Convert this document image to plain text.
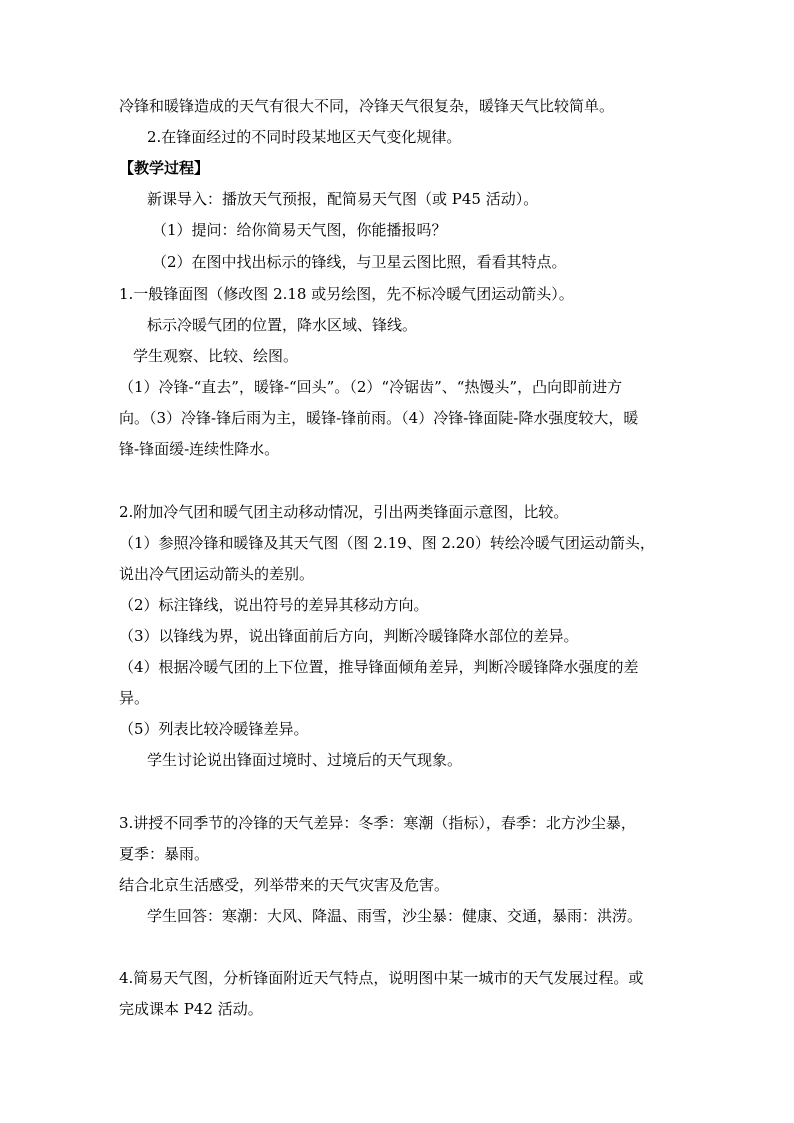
冷锋和暖锋造成的天气有很大不同，冷锋天气很复杂，暖锋天气比较简单。
2.在锋面经过的不同时段某地区天气变化规律。
【教学过程】
新课导入：播放天气预报，配简易天气图（或 P45 活动）。
（1）提问：给你简易天气图，你能播报吗？
（2）在图中找出标示的锋线，与卫星云图比照，看看其特点。
1.一般锋面图（修改图 2.18 或另绘图，先不标冷暖气团运动箭头）。
标示冷暖气团的位置，降水区域、锋线。
学生观察、比较、绘图。
（1）冷锋-“直去”，暖锋-“回头”。（2）“冷锯齿”、“热馒头”，凸向即前进方
向。（3）冷锋-锋后雨为主，暖锋-锋前雨。（4）冷锋-锋面陡-降水强度较大，暖
锋-锋面缓-连续性降水。
2.附加冷气团和暖气团主动移动情况，引出两类锋面示意图，比较。
（1）参照冷锋和暖锋及其天气图（图 2.19、图 2.20）转绘冷暖气团运动箭头，
说出冷气团运动箭头的差别。
（2）标注锋线，说出符号的差异其移动方向。
（3）以锋线为界，说出锋面前后方向，判断冷暖锋降水部位的差异。
（4）根据冷暖气团的上下位置，推导锋面倾角差异，判断冷暖锋降水强度的差
异。
（5）列表比较冷暖锋差异。
学生讨论说出锋面过境时、过境后的天气现象。
3.讲授不同季节的冷锋的天气差异：冬季：寒潮（指标），春季：北方沙尘暴，
夏季：暴雨。
结合北京生活感受，列举带来的天气灾害及危害。
学生回答：寒潮：大风、降温、雨雪，沙尘暴：健康、交通，暴雨：洪涝。
4.简易天气图，分析锋面附近天气特点，说明图中某一城市的天气发展过程。或
完成课本 P42 活动。
